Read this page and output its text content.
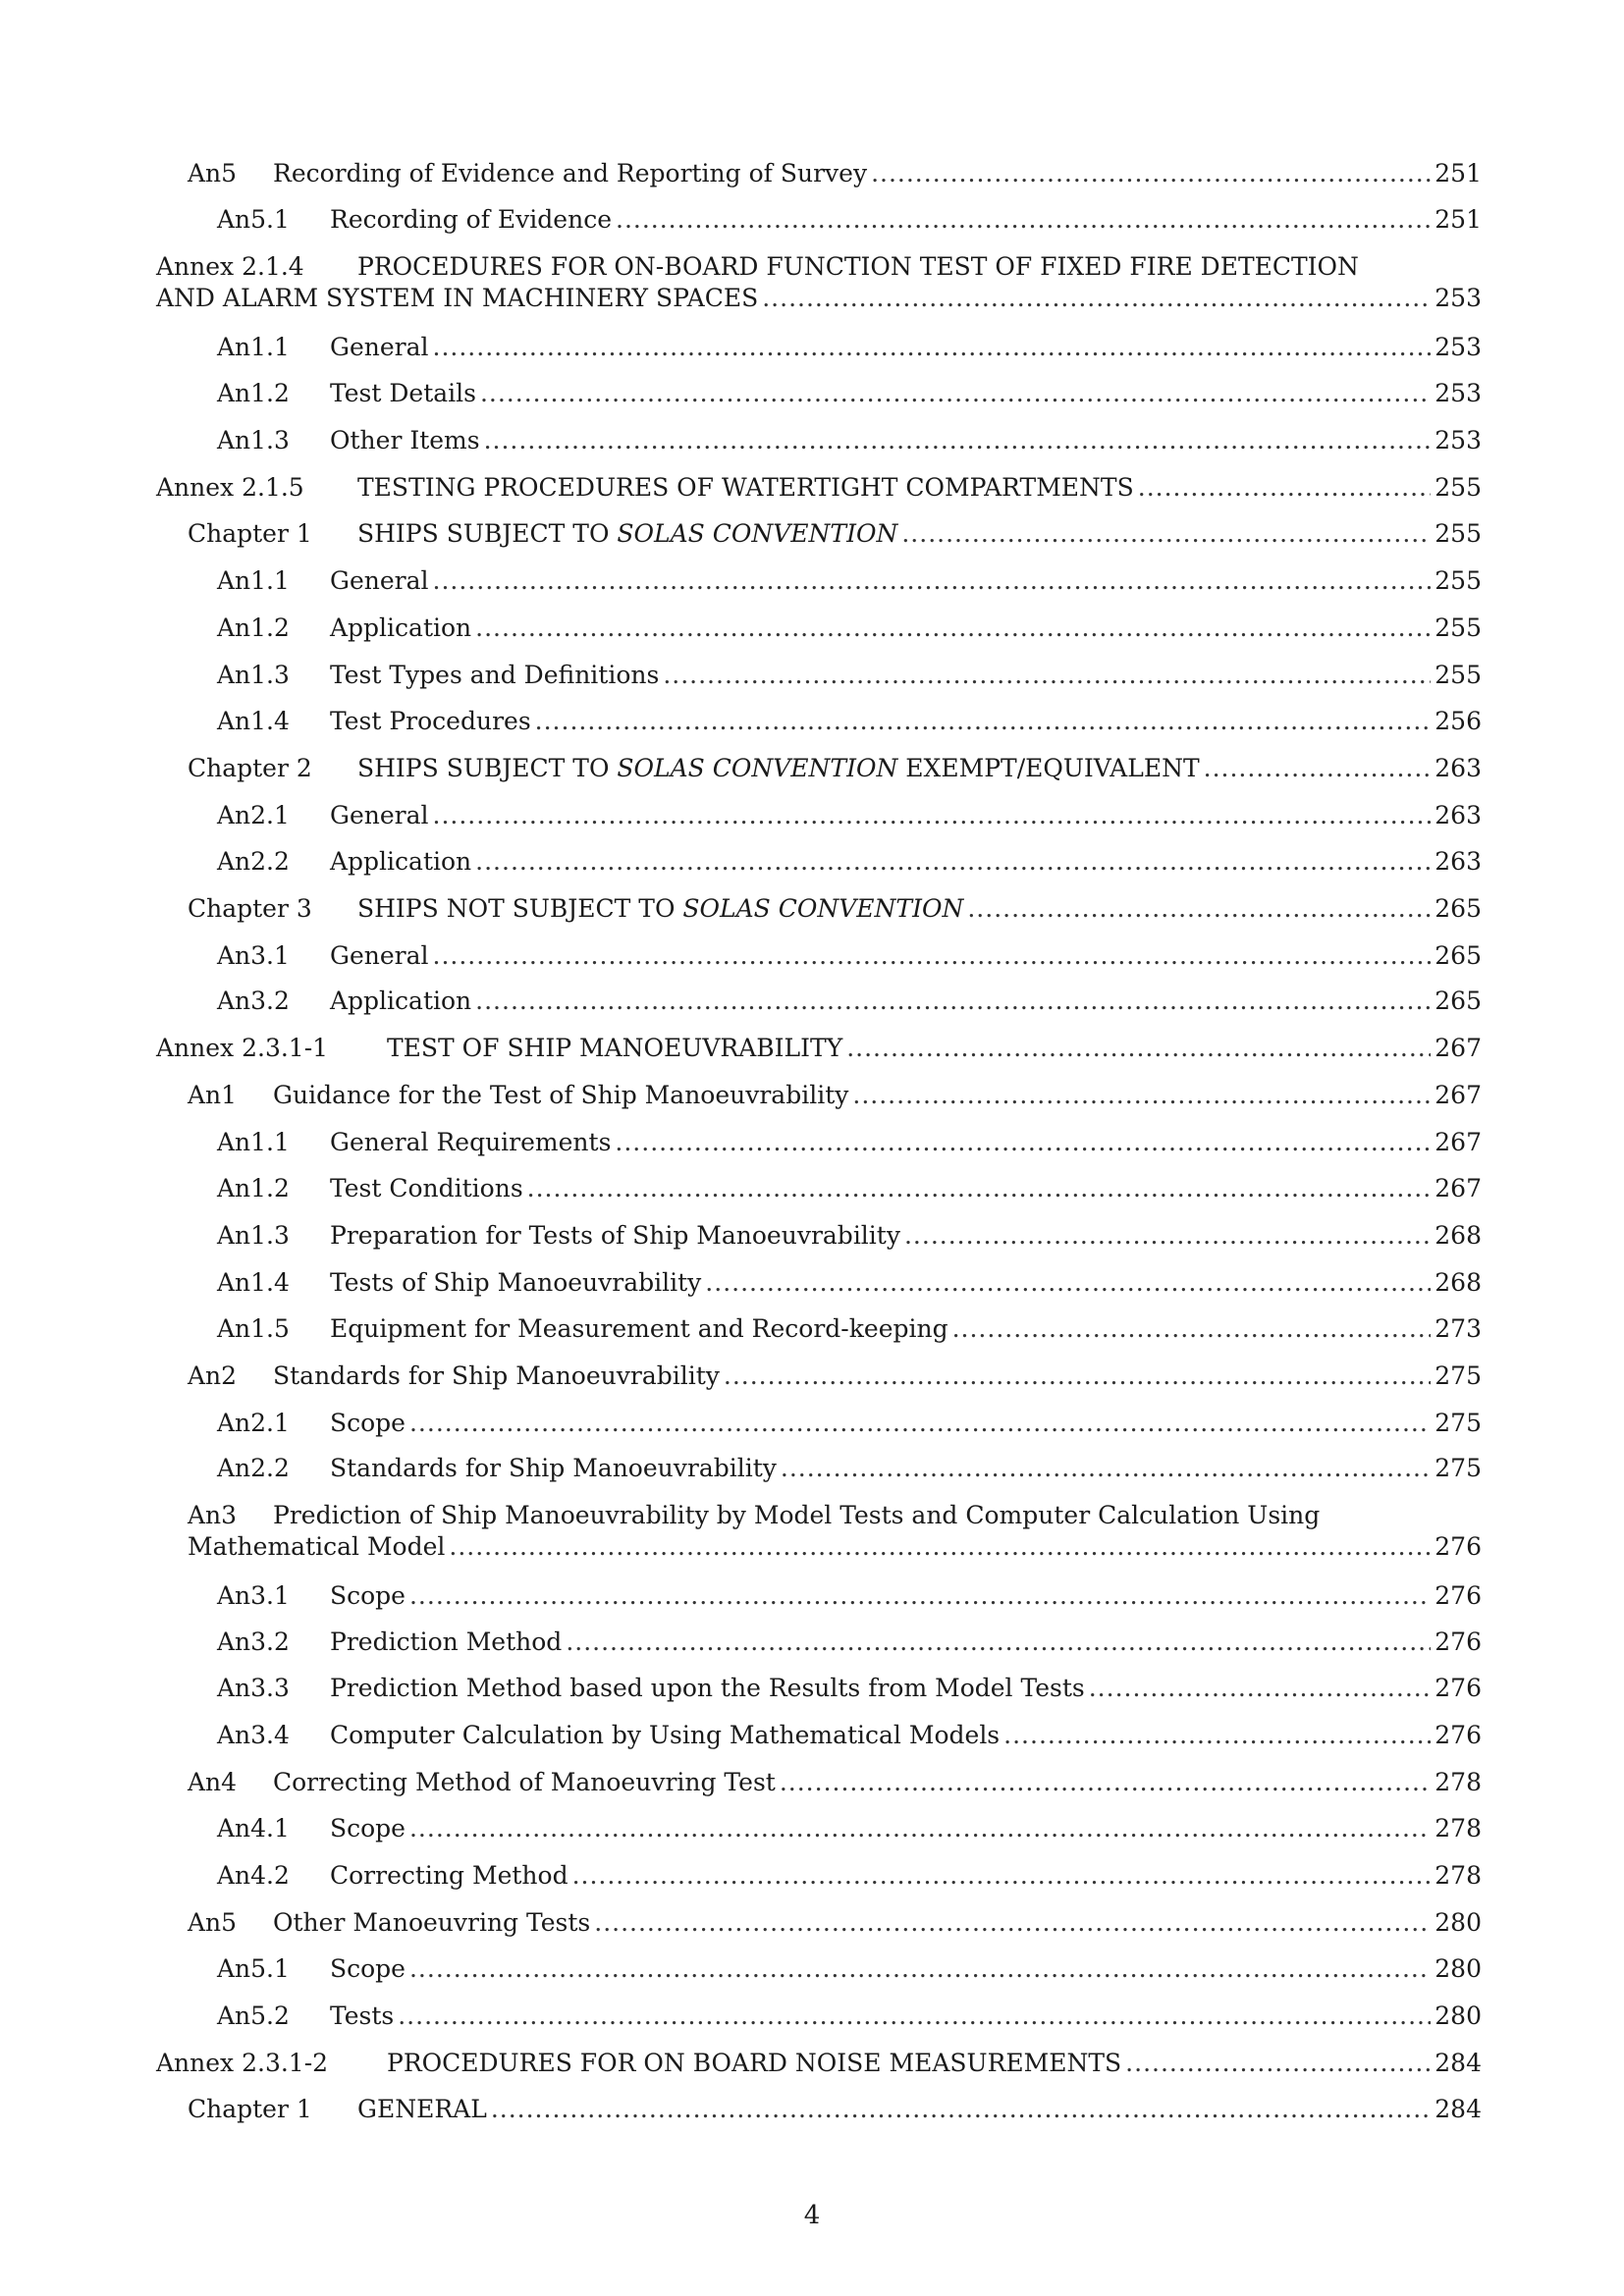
An5	Recording of Evidence and Reporting of Survey .....	251
An5.1	Recording of Evidence .....	251
Annex 2.1.4	PROCEDURES FOR ON-BOARD FUNCTION TEST OF FIXED FIRE DETECTION
AND ALARM SYSTEM IN MACHINERY SPACES .....	253
An1.1	General .....	253
An1.2	Test Details .....	253
An1.3	Other Items .....	253
Annex 2.1.5	TESTING PROCEDURES OF WATERTIGHT COMPARTMENTS .....	255
Chapter 1	SHIPS SUBJECT TO SOLAS CONVENTION .....	255
An1.1	General .....	255
An1.2	Application .....	255
An1.3	Test Types and Definitions .....	255
An1.4	Test Procedures .....	256
Chapter 2	SHIPS SUBJECT TO SOLAS CONVENTION EXEMPT/EQUIVALENT .....	263
An2.1	General .....	263
An2.2	Application .....	263
Chapter 3	SHIPS NOT SUBJECT TO SOLAS CONVENTION .....	265
An3.1	General .....	265
An3.2	Application .....	265
Annex 2.3.1-1	TEST OF SHIP MANOEUVRABILITY .....	267
An1	Guidance for the Test of Ship Manoeuvrability .....	267
An1.1	General Requirements .....	267
An1.2	Test Conditions .....	267
An1.3	Preparation for Tests of Ship Manoeuvrability .....	268
An1.4	Tests of Ship Manoeuvrability .....	268
An1.5	Equipment for Measurement and Record-keeping .....	273
An2	Standards for Ship Manoeuvrability .....	275
An2.1	Scope .....	275
An2.2	Standards for Ship Manoeuvrability .....	275
An3	Prediction of Ship Manoeuvrability by Model Tests and Computer Calculation Using
Mathematical Model .....	276
An3.1	Scope .....	276
An3.2	Prediction Method .....	276
An3.3	Prediction Method based upon the Results from Model Tests .....	276
An3.4	Computer Calculation by Using Mathematical Models .....	276
An4	Correcting Method of Manoeuvring Test .....	278
An4.1	Scope .....	278
An4.2	Correcting Method .....	278
An5	Other Manoeuvring Tests .....	280
An5.1	Scope .....	280
An5.2	Tests .....	280
Annex 2.3.1-2	PROCEDURES FOR ON BOARD NOISE MEASUREMENTS .....	284
Chapter 1	GENERAL .....	284
4
